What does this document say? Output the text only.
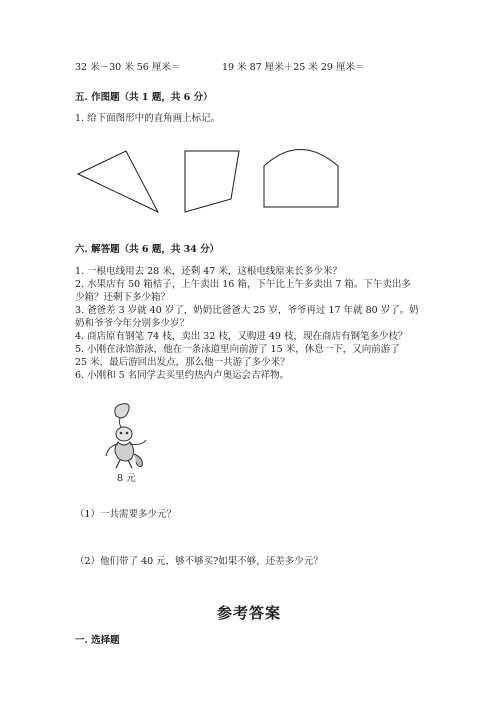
32 米－30 米 56 厘米＝	19 米 87 厘米＋25 米 29 厘米＝
五. 作图题（共 1 题，共 6 分）
1. 给下面图形中的直角画上标记。
六. 解答题（共 6 题，共 34 分）
1. 一根电线用去 28 米，还剩 47 米，这根电线原来长多少米？
2. 水果店有 50 箱桔子，上午卖出 16 箱，下午比上午多卖出 7 箱。下午卖出多
少箱？还剩下多少箱？
3. 爸爸差 3 岁就 40 岁了，奶奶比爸爸大 25 岁，爷爷再过 17 年就 80 岁了。奶
奶和爷爷今年分别多少岁？
4. 商店原有钢笔 74 枝，卖出 32 枝，又购进 49 枝，现在商店有钢笔多少枝？
5. 小刚在泳馆游泳，他在一条泳道里向前游了 15 米，休息一下，又向前游了
25 米，最后游回出发点，那么他一共游了多少米？
6. 小刚和 5 名同学去买里约热内卢奥运会吉祥物。
8 元
（1）一共需要多少元？
（2）他们带了 40 元，够不够买?如果不够，还差多少元？
参考答案
一. 选择题
